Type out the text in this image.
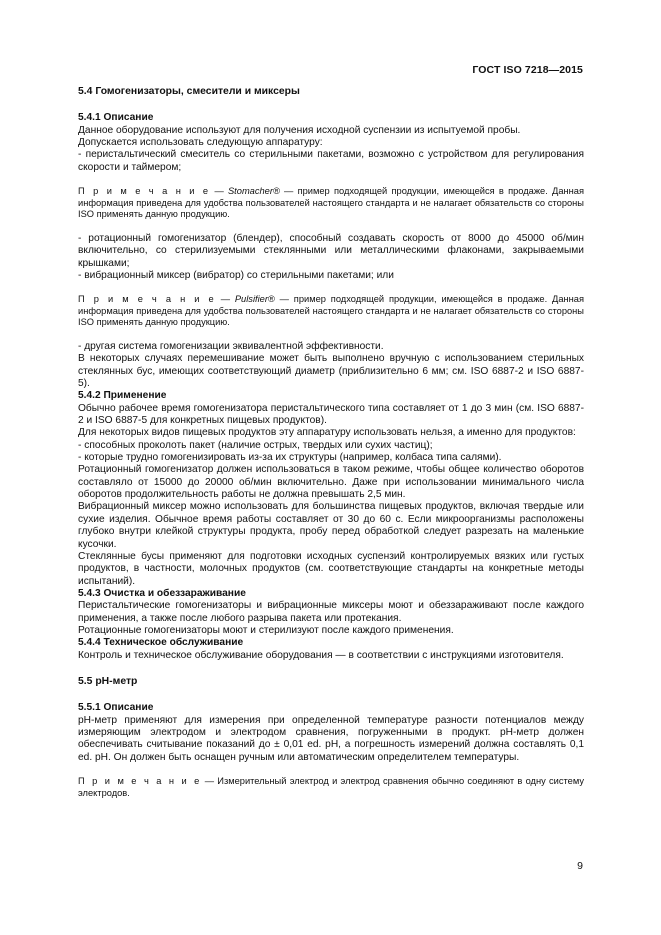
ГОСТ ISO 7218—2015

5.4 Гомогенизаторы, смесители и миксеры

5.4.1 Описание

Данное оборудование используют для получения исходной суспензии из испытуемой пробы.

Допускается использовать следующую аппаратуру:

- перистальтический смеситель со стерильными пакетами, возможно с устройством для регулирования скорости и таймером;

П р и м е ч а н и е — Stomacher® — пример подходящей продукции, имеющейся в продаже. Данная информация приведена для удобства пользователей настоящего стандарта и не налагает обязательств со стороны ISO применять данную продукцию.

- ротационный гомогенизатор (блендер), способный создавать скорость от 8000 до 45000 об/мин включительно, со стерилизуемыми стеклянными или металлическими флаконами, закрываемыми крышками;

- вибрационный миксер (вибратор) со стерильными пакетами; или

П р и м е ч а н и е — Pulsifier® — пример подходящей продукции, имеющейся в продаже. Данная информация приведена для удобства пользователей настоящего стандарта и не налагает обязательств со стороны ISO применять данную продукцию.

- другая система гомогенизации эквивалентной эффективности.

В некоторых случаях перемешивание может быть выполнено вручную с использованием стерильных стеклянных бус, имеющих соответствующий диаметр (приблизительно 6 мм; см. ISO 6887-2 и ISO 6887-5).

5.4.2 Применение

Обычно рабочее время гомогенизатора перистальтического типа составляет от 1 до 3 мин (см. ISO 6887-2 и ISO 6887-5 для конкретных пищевых продуктов).

Для некоторых видов пищевых продуктов эту аппаратуру использовать нельзя, а именно для продуктов:

- способных проколоть пакет (наличие острых, твердых или сухих частиц);

- которые трудно гомогенизировать из-за их структуры (например, колбаса типа салями).

Ротационный гомогенизатор должен использоваться в таком режиме, чтобы общее количество оборотов составляло от 15000 до 20000 об/мин включительно. Даже при использовании минимального числа оборотов продолжительность работы не должна превышать 2,5 мин.

Вибрационный миксер можно использовать для большинства пищевых продуктов, включая твердые или сухие изделия. Обычное время работы составляет от 30 до 60 с. Если микроорганизмы расположены глубоко внутри клейкой структуры продукта, пробу перед обработкой следует разрезать на маленькие кусочки.

Стеклянные бусы применяют для подготовки исходных суспензий контролируемых вязких или густых продуктов, в частности, молочных продуктов (см. соответствующие стандарты на конкретные методы испытаний).

5.4.3 Очистка и обеззараживание

Перистальтические гомогенизаторы и вибрационные миксеры моют и обеззараживают после каждого применения, а также после любого разрыва пакета или протекания.

Ротационные гомогенизаторы моют и стерилизуют после каждого применения.

5.4.4 Техническое обслуживание

Контроль и техническое обслуживание оборудования — в соответствии с инструкциями изготовителя.

5.5 pH-метр

5.5.1 Описание

pH-метр применяют для измерения при определенной температуре разности потенциалов между измеряющим электродом и электродом сравнения, погруженными в продукт. pH-метр должен обеспечивать считывание показаний до ± 0,01 ed. pH, а погрешность измерений должна составлять 0,1 ed. pH. Он должен быть оснащен ручным или автоматическим определителем температуры.

П р и м е ч а н и е — Измерительный электрод и электрод сравнения обычно соединяют в одну систему электродов.

9
